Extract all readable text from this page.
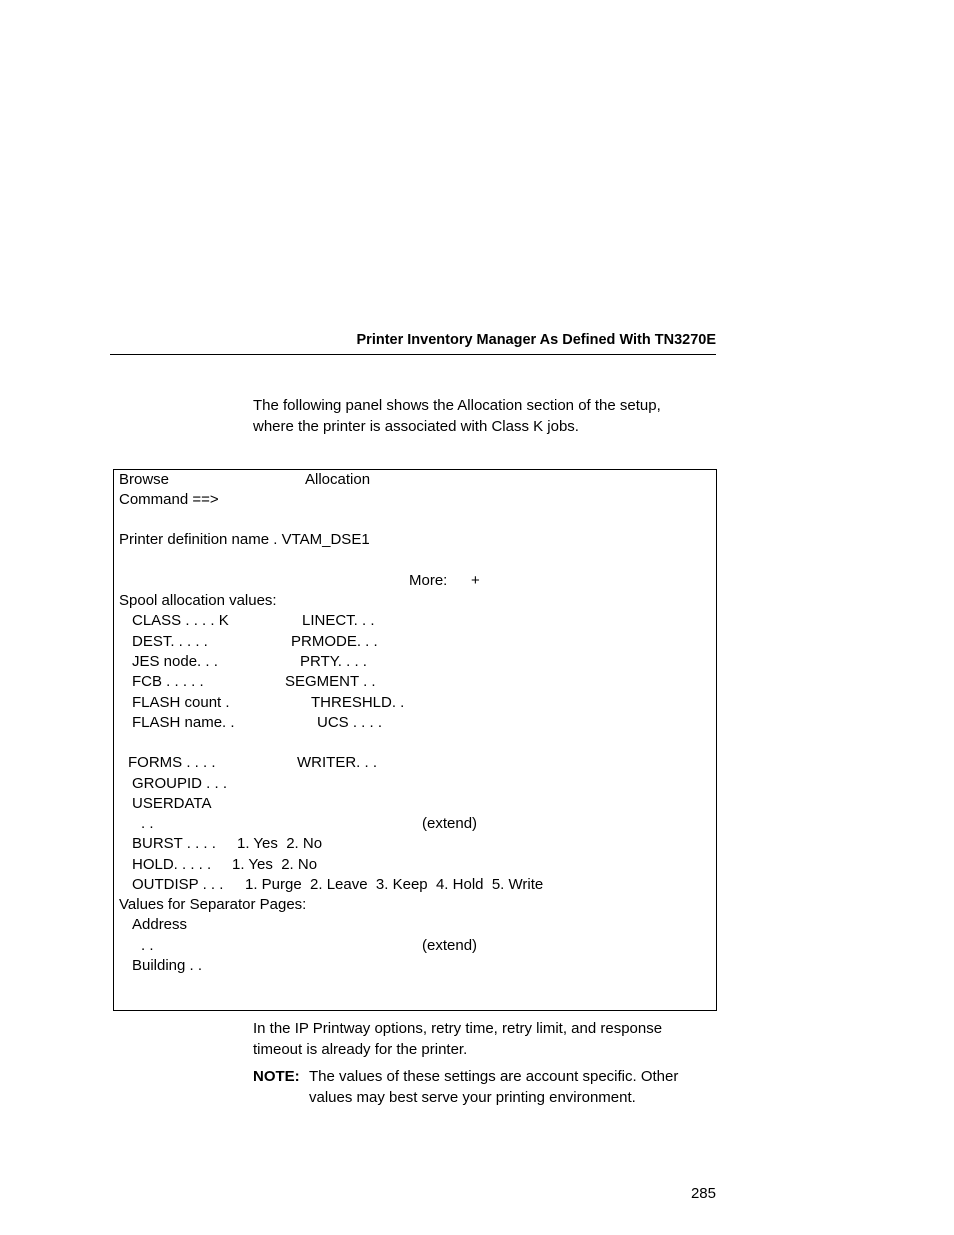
Printer Inventory Manager As Defined With TN3270E

The following panel shows the Allocation section of the setup,

where the printer is associated with Class K jobs.

Browse	Allocation
Command ==>
Printer definition name . VTAM_DSE1
More: +
Spool allocation values:
CLASS . . . . K	LINECT. . .
DEST. . . . .	PRMODE. . .
JES node. . .	PRTY. . . .
FCB . . . . .	SEGMENT . .
FLASH count .	THRESHLD. .
FLASH name. .	UCS . . . .
FORMS . . . .	WRITER. . .
GROUPID . . .
USERDATA
. .	(extend)
BURST . . . . 1. Yes  2. No
HOLD. . . . . 1. Yes  2. No
OUTDISP . . . 1. Purge  2. Leave  3. Keep  4. Hold  5. Write
Values for Separator Pages:
Address
. .	(extend)
Building . .

In the IP Printway options, retry time, retry limit, and response

timeout is already for the printer.

NOTE: The values of these settings are account specific. Other
values may best serve your printing environment.
285
